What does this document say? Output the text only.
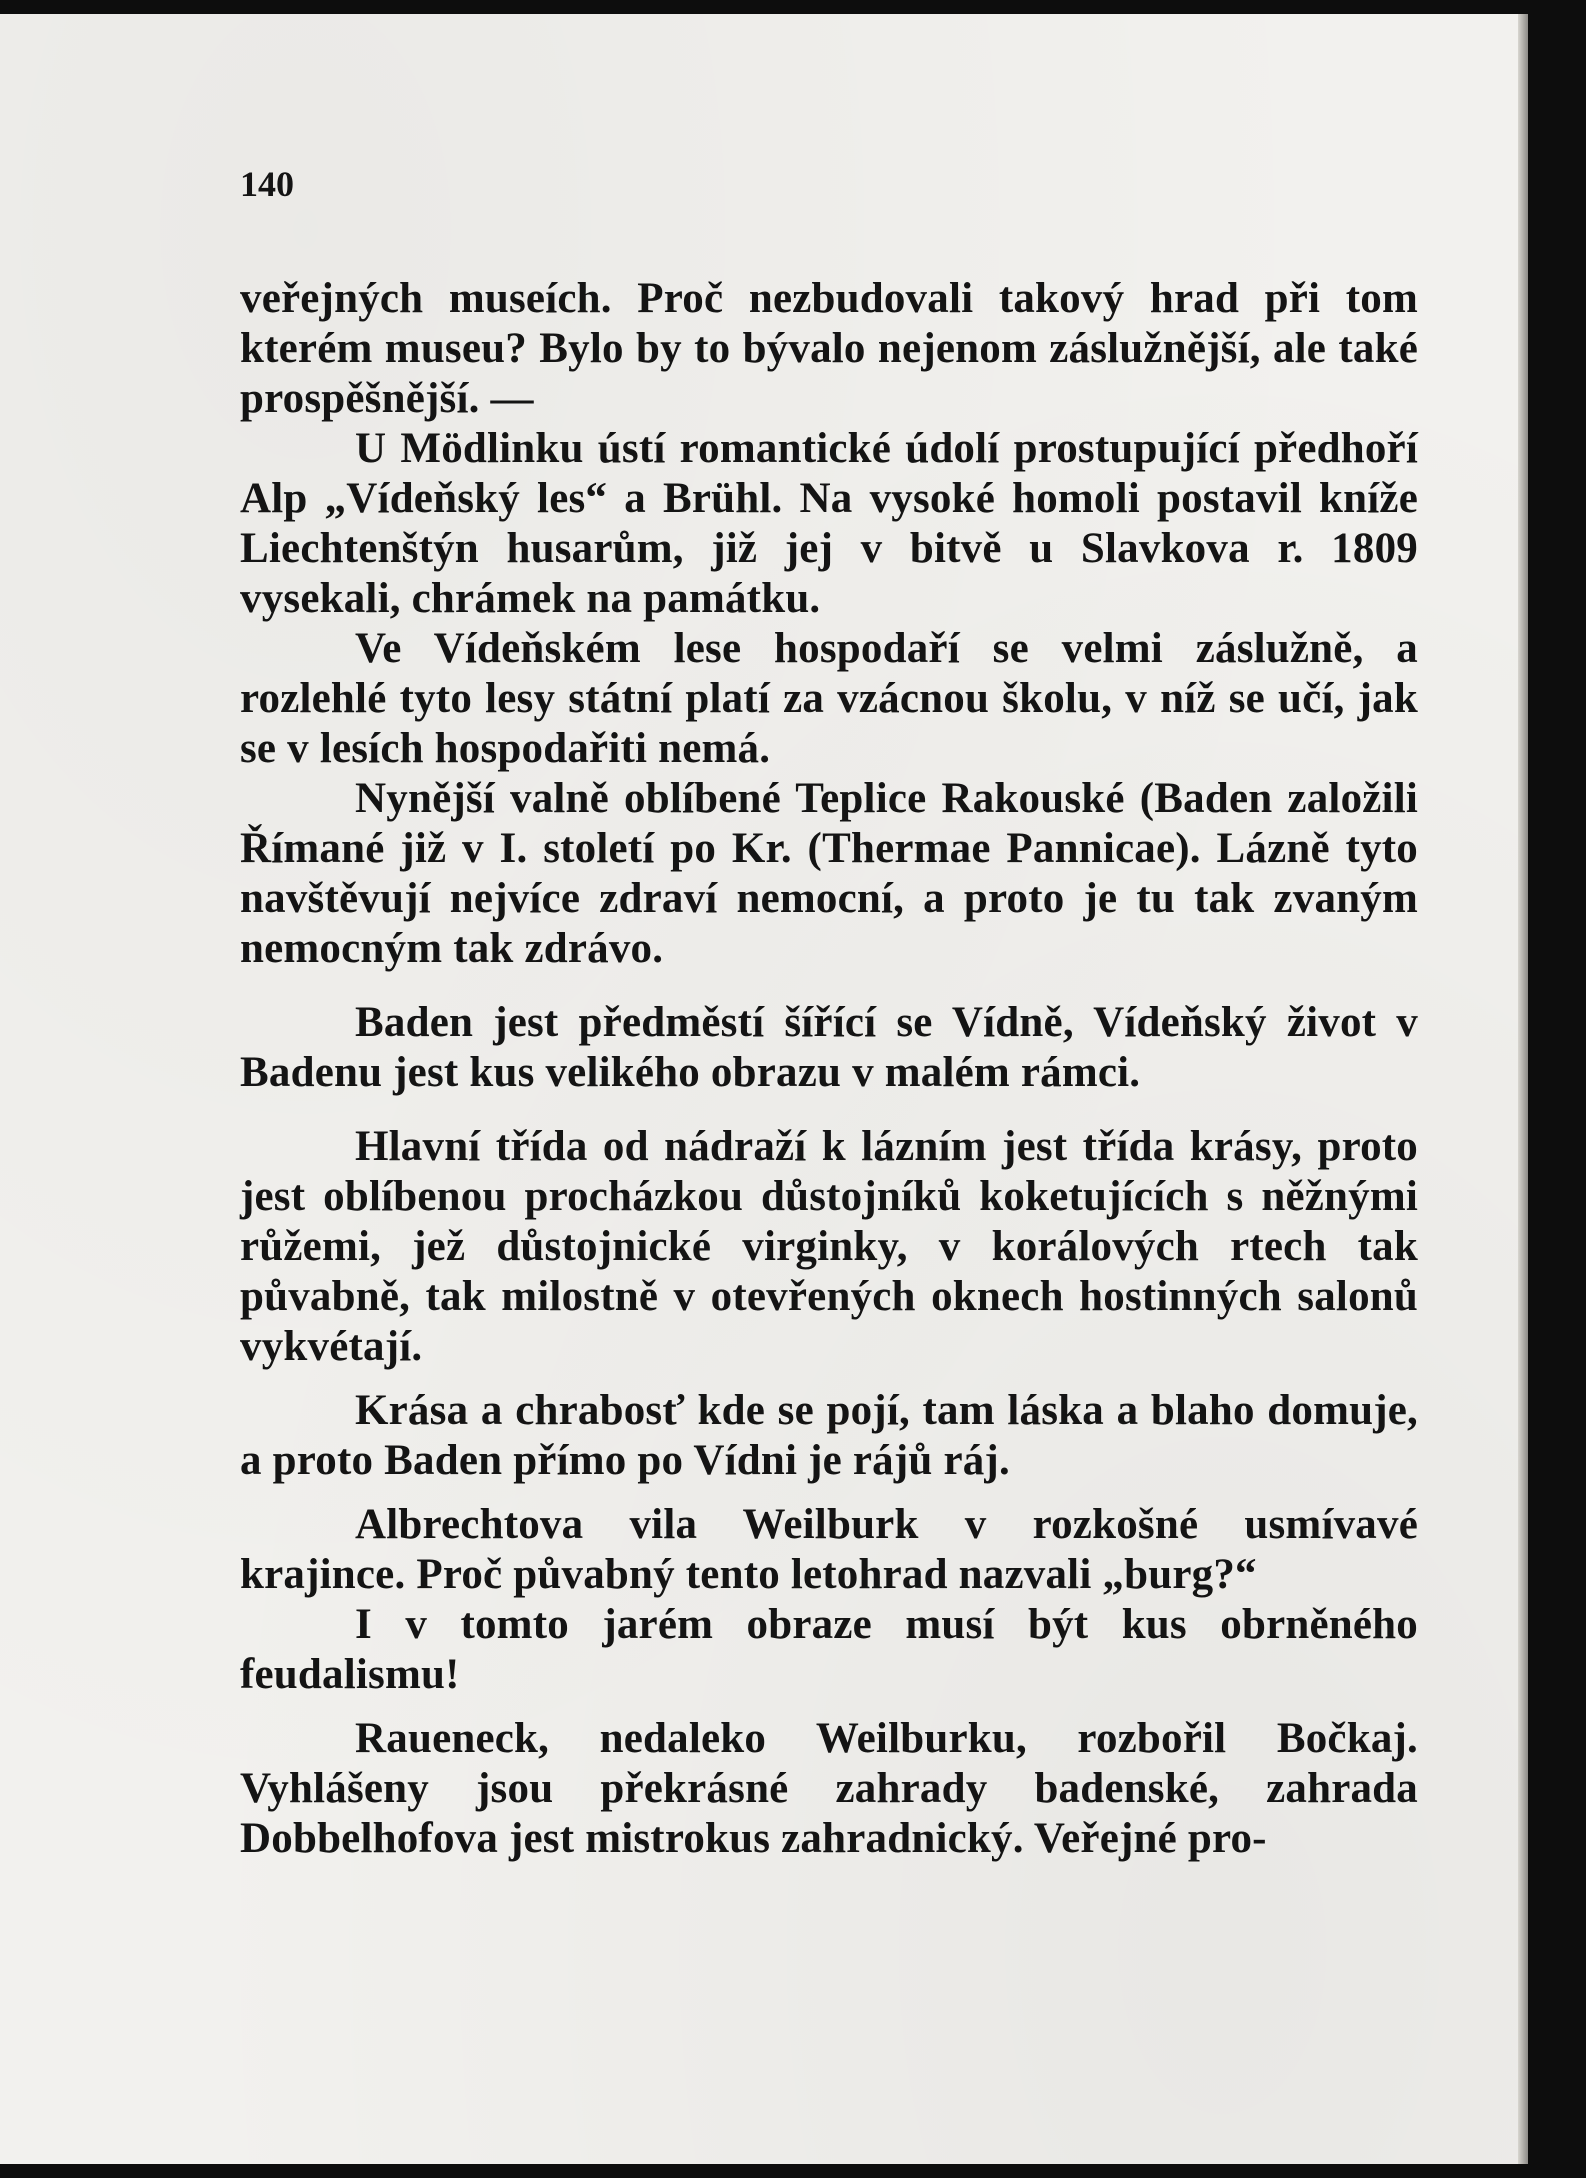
140

veřejných museích. Proč nezbudovali takový hrad při tom kterém museu? Bylo by to bývalo nejenom záslužnější, ale také prospěšnější. —

U Mödlinku ústí romantické údolí prostupující předhoří Alp „Vídeňský les“ a Brühl. Na vysoké homoli postavil kníže Liechtenštýn husarům, již jej v bitvě u Slavkova r. 1809 vysekali, chrámek na památku.

Ve Vídeňském lese hospodaří se velmi záslužně, a rozlehlé tyto lesy státní platí za vzácnou školu, v níž se učí, jak se v lesích hospodařiti nemá.

Nynější valně oblíbené Teplice Rakouské (Baden založili Římané již v I. století po Kr. (Thermae Pannicae). Lázně tyto navštěvují nejvíce zdraví nemocní, a proto je tu tak zvaným nemocným tak zdrávo.

Baden jest předměstí šířící se Vídně, Vídeňský život v Badenu jest kus velikého obrazu v malém rámci.

Hlavní třída od nádraží k lázním jest třída krásy, proto jest oblíbenou procházkou důstojníků koketujících s něžnými růžemi, jež důstojnické virginky, v korálových rtech tak půvabně, tak milostně v otevřených oknech hostinných salonů vykvétají.

Krása a chrabosť kde se pojí, tam láska a blaho domuje, a proto Baden přímo po Vídni je rájů ráj.

Albrechtova vila Weilburk v rozkošné usmívavé krajince. Proč půvabný tento letohrad nazvali „burg?“

I v tomto jarém obraze musí být kus obrněného feudalismu!

Raueneck, nedaleko Weilburku, rozbořil Bočkaj. Vyhlášeny jsou překrásné zahrady badenské, zahrada Dobbelhofova jest mistrokus zahradnický. Veřejné pro-
